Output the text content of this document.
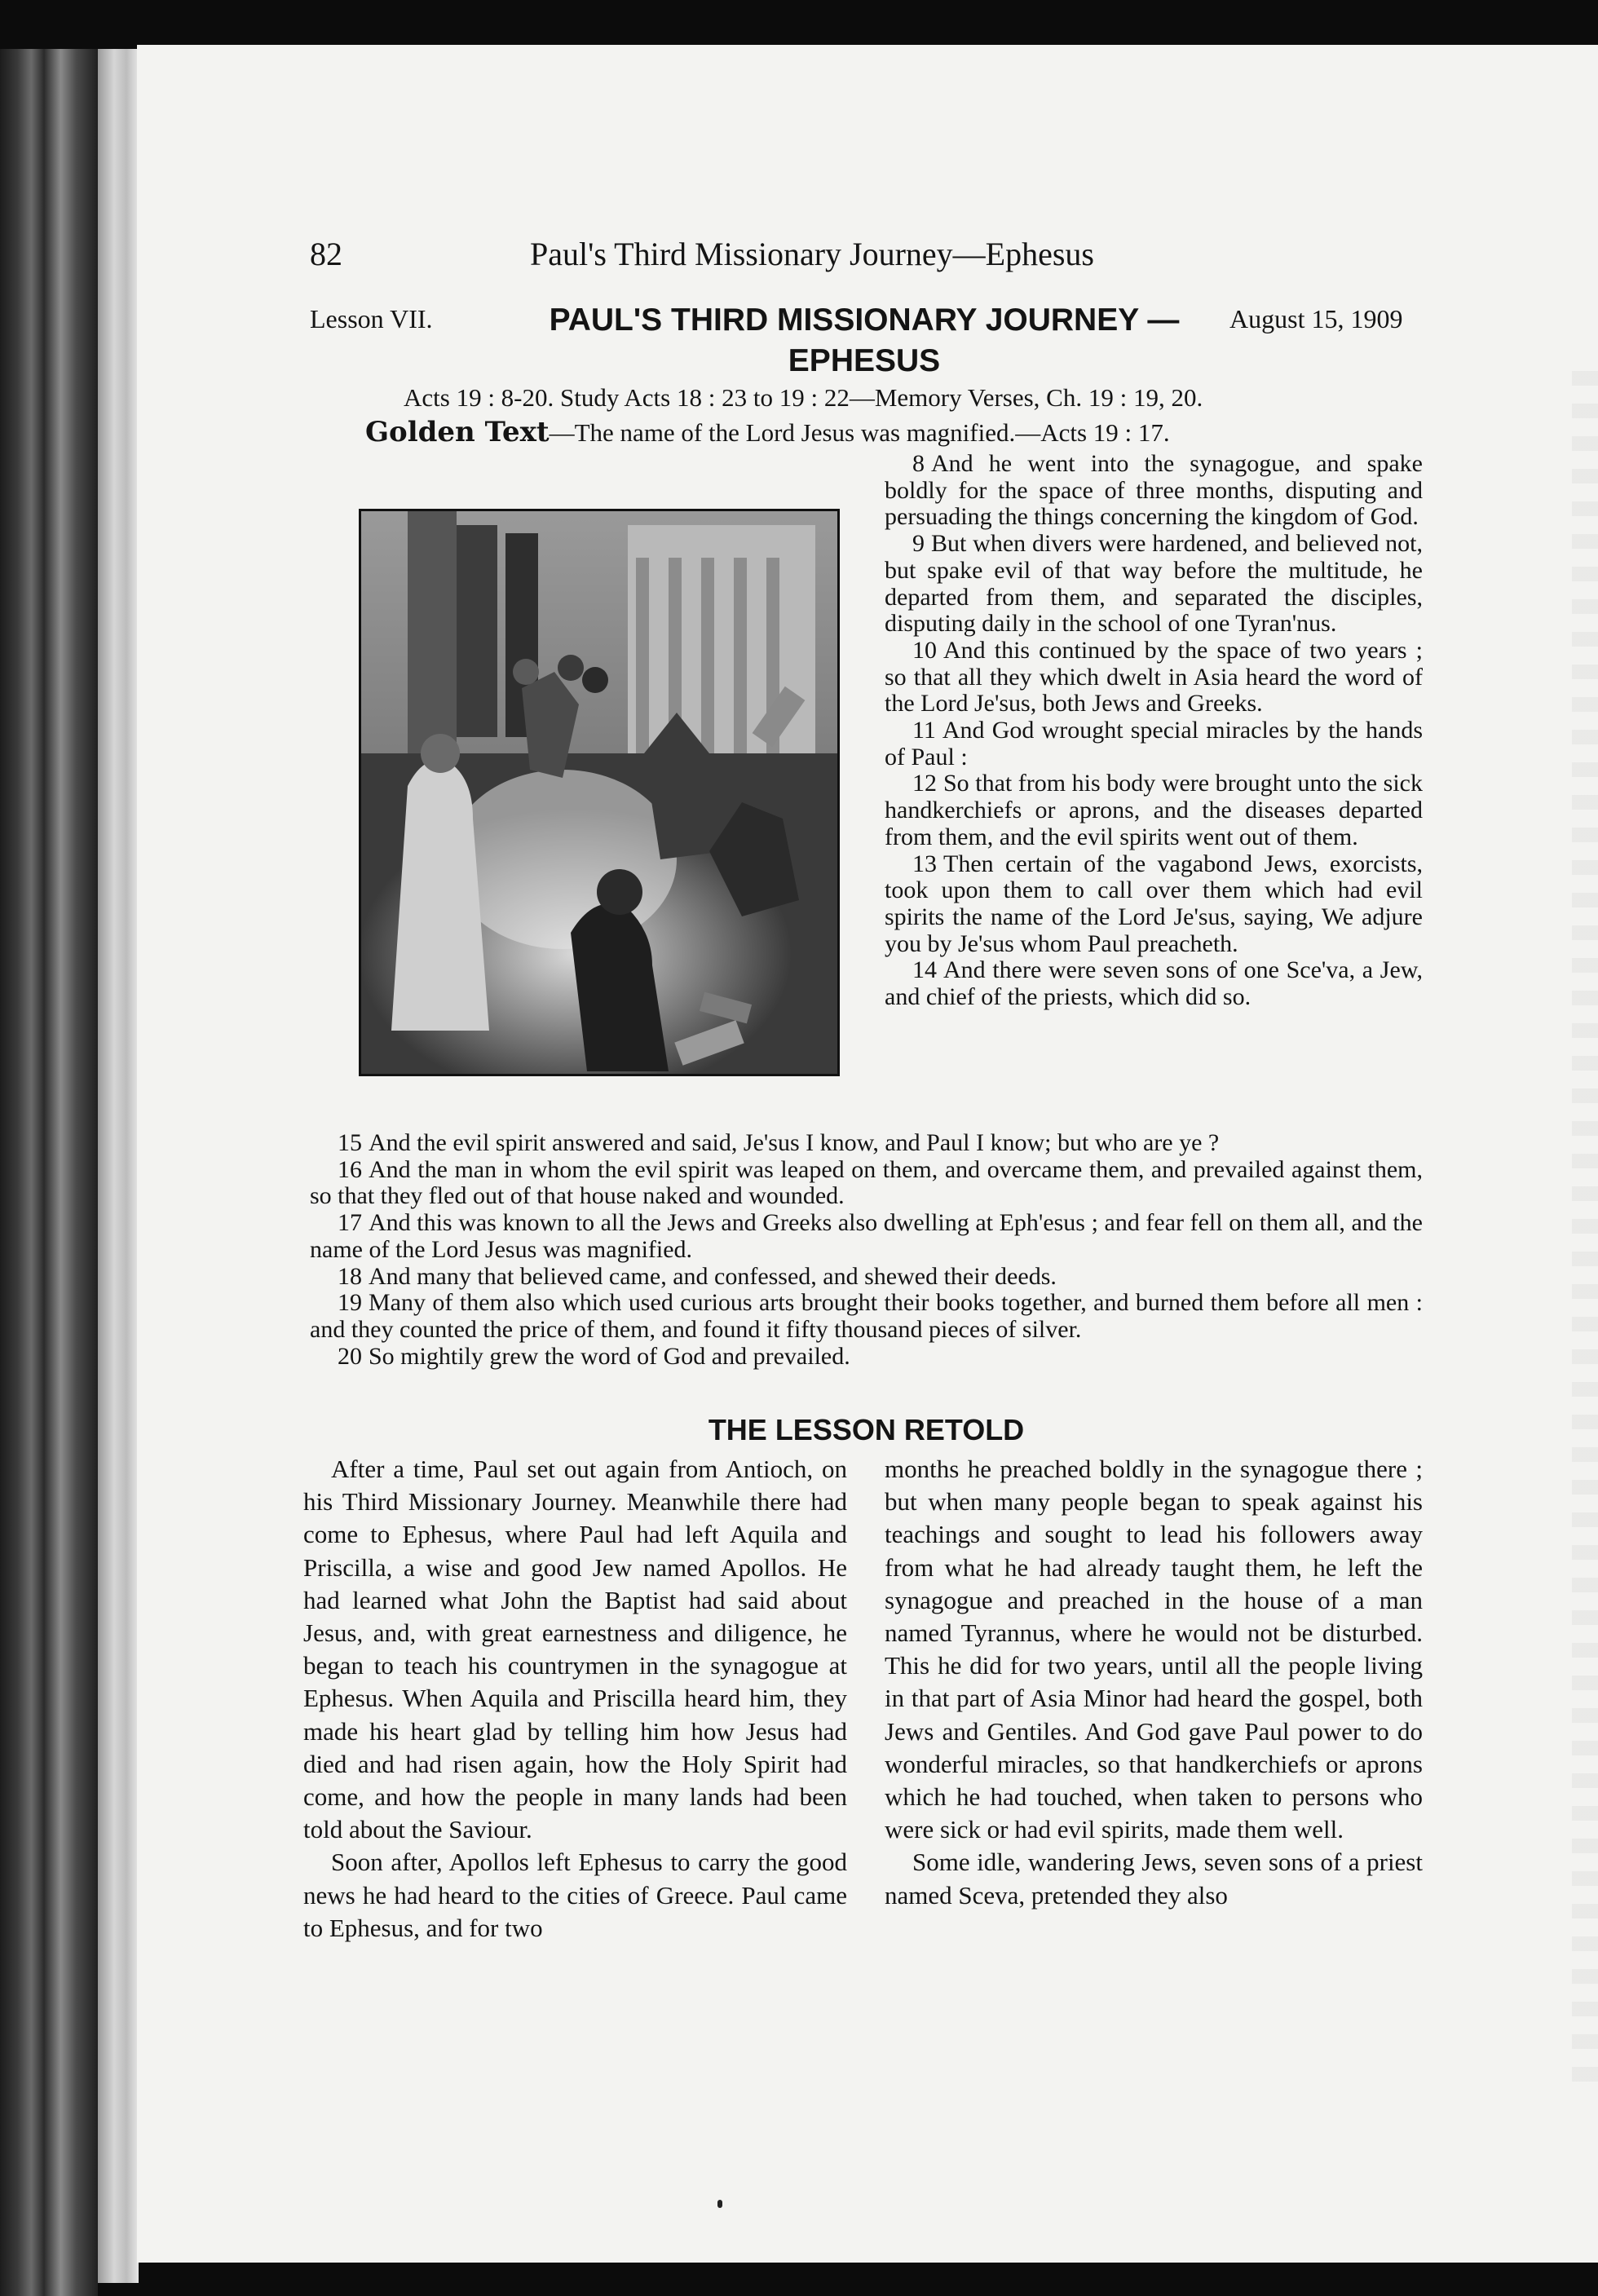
82	Paul's Third Missionary Journey—Ephesus
Lesson VII.	PAUL'S THIRD MISSIONARY JOURNEY —EPHESUS
August 15, 1909
Acts 19 : 8-20. Study Acts 18 : 23 to 19 : 22—Memory Verses, Ch. 19 : 19, 20.
Golden Text—The name of the Lord Jesus was magnified.—Acts 19 : 17.
8 And he went into the synagogue, and spake boldly for the space of three months, disputing and persuading the things concerning the kingdom of God.
9 But when divers were hardened, and believed not, but spake evil of that way before the multitude, he departed from them, and separated the disciples, disputing daily in the school of one Tyran'nus.
10 And this continued by the space of two years ; so that all they which dwelt in Asia heard the word of the Lord Je'sus, both Jews and Greeks.
11 And God wrought special miracles by the hands of Paul :
12 So that from his body were brought unto the sick handkerchiefs or aprons, and the diseases departed from them, and the evil spirits went out of them.
13 Then certain of the vagabond Jews, exorcists, took upon them to call over them which had evil spirits the name of the Lord Je'sus, saying, We adjure you by Je'sus whom Paul preacheth.
14 And there were seven sons of one Sce'va, a Jew, and chief of the priests, which did so.
15 And the evil spirit answered and said, Je'sus I know, and Paul I know; but who are ye ?
16 And the man in whom the evil spirit was leaped on them, and overcame them, and prevailed against them, so that they fled out of that house naked and wounded.
17 And this was known to all the Jews and Greeks also dwelling at Eph'esus ; and fear fell on them all, and the name of the Lord Jesus was magnified.
18 And many that believed came, and confessed, and shewed their deeds.
19 Many of them also which used curious arts brought their books together, and burned them before all men : and they counted the price of them, and found it fifty thousand pieces of silver.
20 So mightily grew the word of God and prevailed.
THE LESSON RETOLD

After a time, Paul set out again from Antioch, on his Third Missionary Journey. Meanwhile there had come to Ephesus, where Paul had left Aquila and Priscilla, a wise and good Jew named Apollos. He had learned what John the Baptist had said about Jesus, and, with great earnestness and diligence, he began to teach his countrymen in the synagogue at Ephesus. When Aquila and Priscilla heard him, they made his heart glad by telling him how Jesus had died and had risen again, how the Holy Spirit had come, and how the people in many lands had been told about the Saviour.

Soon after, Apollos left Ephesus to carry the good news he had heard to the cities of Greece. Paul came to Ephesus, and for two

months he preached boldly in the synagogue there ; but when many people began to speak against his teachings and sought to lead his followers away from what he had already taught them, he left the synagogue and preached in the house of a man named Tyrannus, where he would not be disturbed. This he did for two years, until all the people living in that part of Asia Minor had heard the gospel, both Jews and Gentiles. And God gave Paul power to do wonderful miracles, so that handkerchiefs or aprons which he had touched, when taken to persons who were sick or had evil spirits, made them well.

Some idle, wandering Jews, seven sons of a priest named Sceva, pretended they also
